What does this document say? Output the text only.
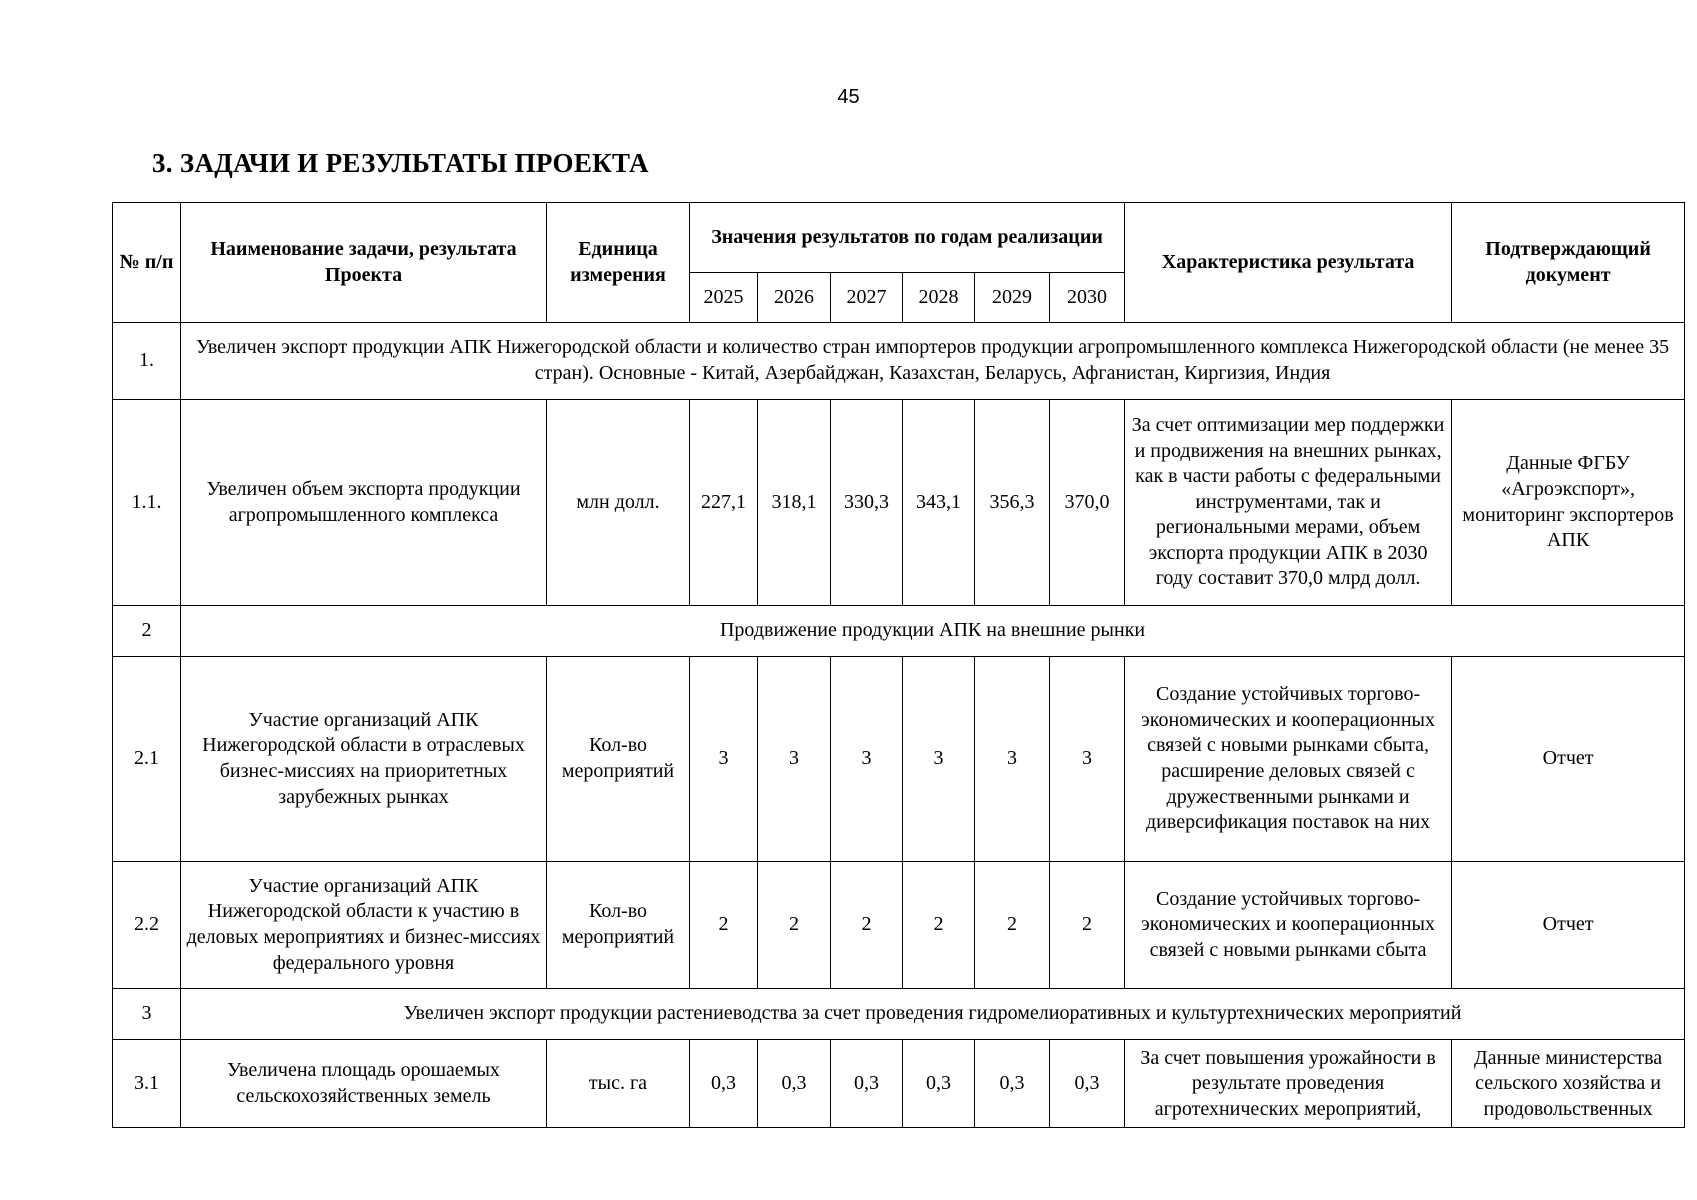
45
3. ЗАДАЧИ И РЕЗУЛЬТАТЫ ПРОЕКТА
№ п/п	Наименование задачи, результата Проекта	Единица измерения	Значения результатов по годам реализации						Характеристика результата	Подтверждающий документ
			2025	2026	2027	2028	2029	2030		
1.	Увеличен экспорт продукции АПК Нижегородской области и количество стран импортеров продукции агропромышленного комплекса Нижегородской области (не менее 35 стран). Основные - Китай, Азербайджан, Казахстан, Беларусь, Афганистан, Киргизия, Индия									
1.1.	Увеличен объем экспорта продукции агропромышленного комплекса	млн долл.	227,1	318,1	330,3	343,1	356,3	370,0	За счет оптимизации мер поддержки и продвижения на внешних рынках, как в части работы с федеральными инструментами, так и региональными мерами, объем экспорта продукции АПК в 2030 году составит 370,0 млрд долл.	Данные ФГБУ «Агроэкспорт», мониторинг экспортеров АПК
2	Продвижение продукции АПК на внешние рынки									
2.1	Участие организаций АПК Нижегородской области в отраслевых бизнес-миссиях на приоритетных зарубежных рынках	Кол-во мероприятий	3	3	3	3	3	3	Создание устойчивых торгово-экономических и кооперационных связей с новыми рынками сбыта, расширение деловых связей с дружественными рынками и диверсификация поставок на них	Отчет
2.2	Участие организаций АПК Нижегородской области к участию в деловых мероприятиях и бизнес-миссиях федерального уровня	Кол-во мероприятий	2	2	2	2	2	2	Создание устойчивых торгово-экономических и кооперационных связей с новыми рынками сбыта	Отчет
3	Увеличен экспорт продукции растениеводства за счет проведения гидромелиоративных и культуртехнических мероприятий									
3.1	Увеличена площадь орошаемых сельскохозяйственных земель	тыс. га	0,3	0,3	0,3	0,3	0,3	0,3	За счет повышения урожайности в результате проведения агротехнических мероприятий,	Данные министерства сельского хозяйства и продовольственных
